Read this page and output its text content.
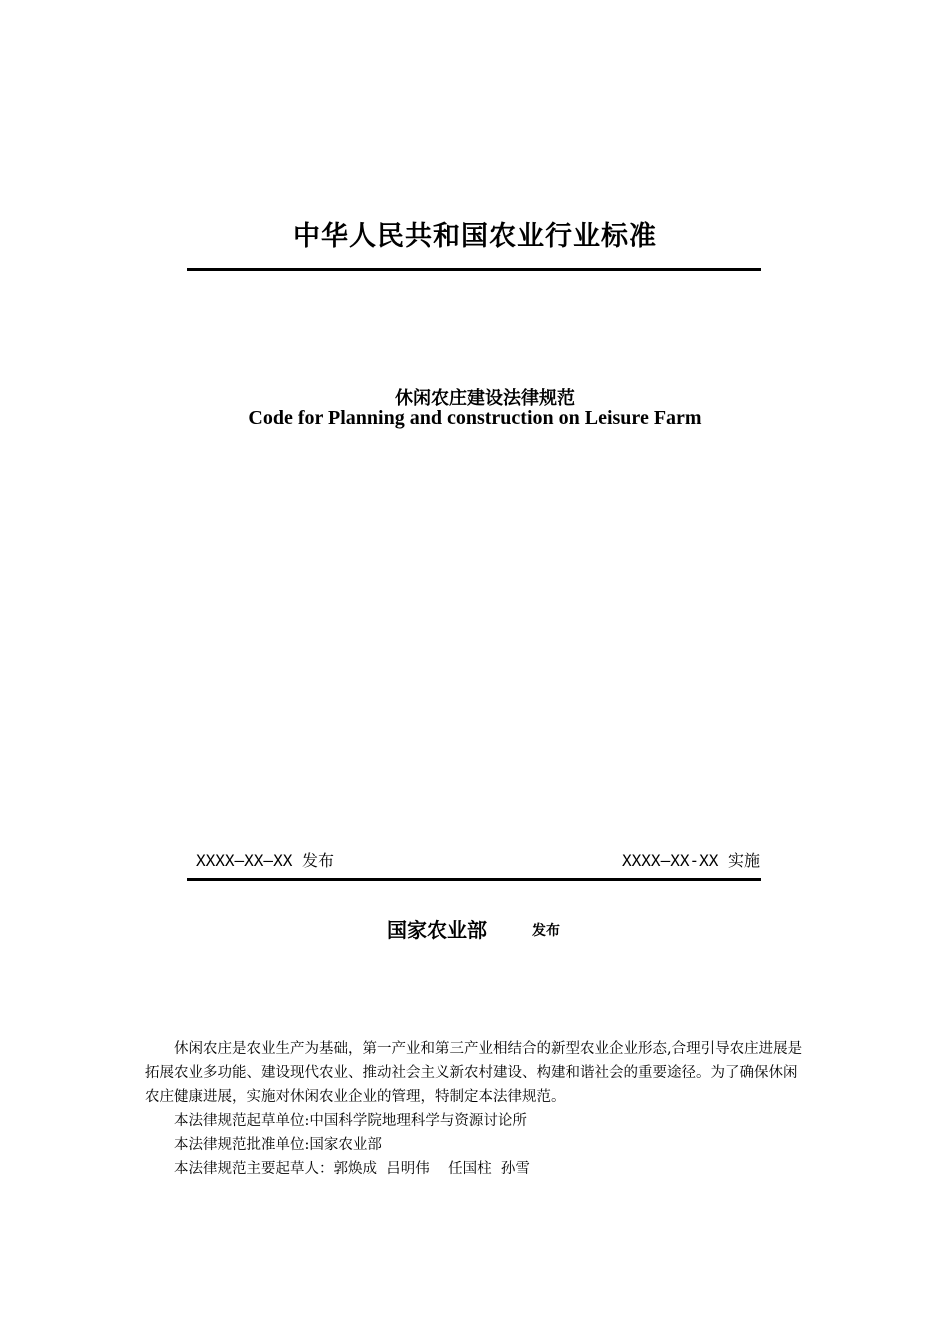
中华人民共和国农业行业标准
休闲农庄建设法律规范
Code for Planning and construction on Leisure Farm
XXXX—XX—XX 发布	XXXX—XX-XX 实施
国家农业部	发布

休闲农庄是农业生产为基础，第一产业和第三产业相结合的新型农业企业形态,合理引导农庄进展是拓展农业多功能、建设现代农业、推动社会主义新农村建设、构建和谐社会的重要途径。为了确保休闲农庄健康进展，实施对休闲农业企业的管理，特制定本法律规范。

本法律规范起草单位:中国科学院地理科学与资源讨论所

本法律规范批准单位:国家农业部

本法律规范主要起草人：郭焕成  吕明伟    任国柱  孙雪
